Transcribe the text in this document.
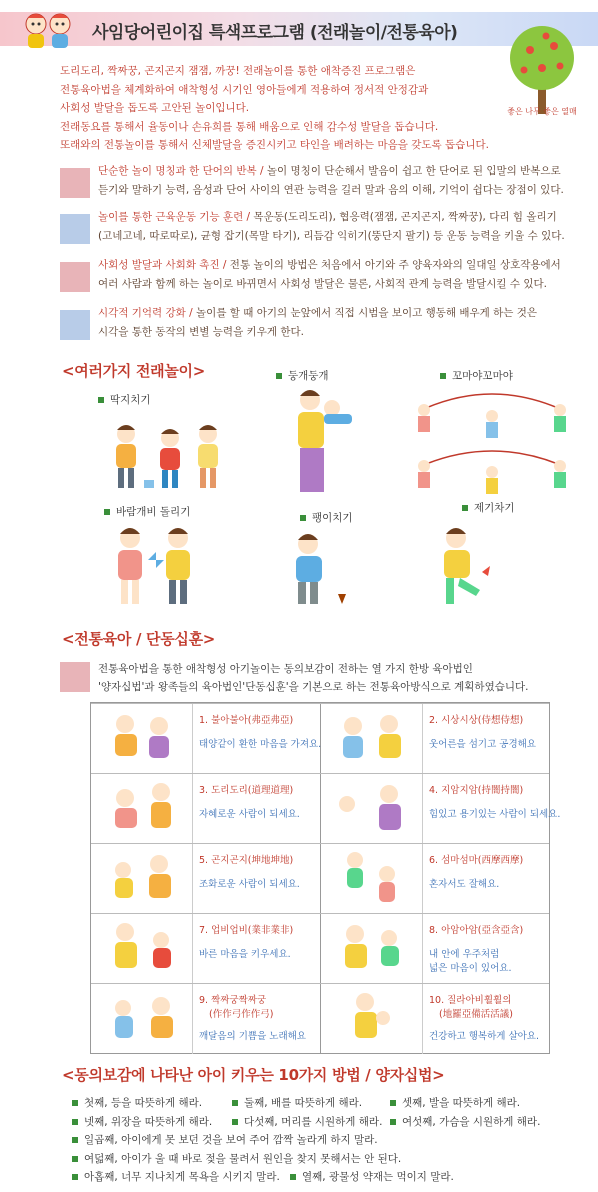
사임당어린이집 특색프로그램 (전래놀이/전통육아)
좋은 나무 좋은 열매

도리도리, 짝짜꿍, 곤지곤지 잼잼, 까꿍! 전래놀이를 통한 애착증진 프로그램은

전통육아법을 체계화하여 애착형성 시기인 영아들에게 적용하여 정서적 안정감과

사회성 발달을 돕도록 고안된 놀이입니다.

전래동요를 통해서 율동이나 손유희를 통해 배움으로 인해 감수성 발달을 돕습니다.

또래와의 전통놀이를 통해서 신체발달을 증진시키고 타인을 배려하는 마음을 갖도록 돕습니다.

단순한 놀이 명칭과 한 단어의 반복 / 놀이 명칭이 단순해서 발음이 쉽고 한 단어로 된 입말의 반복으로

듣기와 말하기 능력, 음성과 단어 사이의 연관 능력을 길러 말과 음의 이해, 기억이 쉽다는 장점이 있다.

놀이를 통한 근육운동 기능 훈련 / 목운동(도리도리), 협응력(잼잼, 곤지곤지, 짝짜꿍), 다리 힘 올리기

(고네고네, 따로따로), 균형 잡기(목말 타기), 리듬감 익히기(뚱단지 팔기) 등 운동 능력을 키울 수 있다.

사회성 발달과 사회화 촉진 / 전통 놀이의 방법은 처음에서 아기와 주 양육자와의 일대일 상호작용에서

여러 사람과 함께 하는 놀이로 바뀌면서 사회성 발달은 물론, 사회적 관계 능력을 발달시킬 수 있다.

시각적 기억력 강화 / 놀이를 할 때 아기의 눈앞에서 직접 시범을 보이고 행동해 배우게 하는 것은

시각을 통한 동작의 변별 능력을 키우게 한다.

<여러가지 전래놀이>
딱지치기
둥개둥개	꼬마야꼬마야
바람개비 돌리기	팽이치기
제기차기
<전통육아 / 단동십훈>

전통육아법을 통한 애착형성 아기놀이는 동의보감이 전하는 열 가지 한방 육아법인

'양자십법'과 왕족들의 육아법인'단동십훈'을 기본으로 하는 전통육아방식으로 계획하였습니다.

1. 불아불아(弗亞弗亞)
태양같이 환한 마음을 가져요.
2. 시상시상(侍想侍想)
웃어른을 섬기고 공경해요
3. 도리도리(道理道理)
자혜로운 사람이 되세요.
4. 지암지암(持闇持闇)
힘있고 용기있는 사람이 되세요.
5. 곤지곤지(坤地坤地)
조화로운 사람이 되세요.
6. 섬마섬마(西摩西摩)
혼자서도 잘해요.
7. 업비업비(業非業非)
바른 마음을 키우세요.
8. 아암아암(亞含亞含)
내 안에 우주처럼
넓은 마음이 있어요.
9. 짝짜궁짝짜궁
(作作弓作作弓)
깨달음의 기쁨을 노래해요
10. 질라아비휠휠의
(地羅亞備活活議)
건강하고 행복하게 살아요.
<동의보감에 나타난 아이 키우는 10가지 방법 / 양자십법>
첫째, 등을 따뜻하게 해라.	둘째, 배를 따뜻하게 해라.	셋째, 발을 따뜻하게 해라.
넷째, 위장을 따뜻하게 해라.	다섯째, 머리를 시원하게 해라.	여섯째, 가슴을 시원하게 해라.
일곱째, 아이에게 못 보던 것을 보여 주어 깜짝 놀라게 하지 말라.
여덟째, 아이가 울 때 바로 젖을 물려서 원인을 찾지 못해서는 안 된다.
아홉째, 너무 지나치게 목욕을 시키지 말라.	열째, 광물성 약재는 먹이지 말라.
